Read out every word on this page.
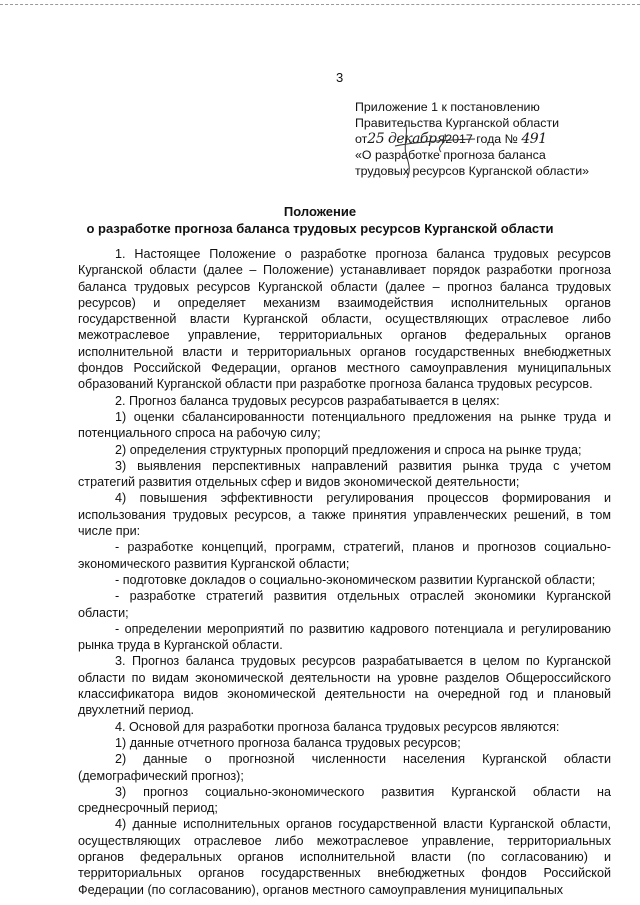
3
Приложение 1 к постановлению
Правительства Курганской области
от25 декабря2017 года № 491
«О разработке прогноза баланса
трудовых ресурсов Курганской области»
Положение
о разработке прогноза баланса трудовых ресурсов Курганской области

1. Настоящее Положение о разработке прогноза баланса трудовых ресурсов Курганской области (далее – Положение) устанавливает порядок разработки прогноза баланса трудовых ресурсов Курганской области (далее – прогноз баланса трудовых ресурсов) и определяет механизм взаимодействия исполнительных органов государственной власти Курганской области, осуществляющих отраслевое либо межотраслевое управление, территориальных органов федеральных органов исполнительной власти и территориальных органов государственных внебюджетных фондов Российской Федерации, органов местного самоуправления муниципальных образований Курганской области при разработке прогноза баланса трудовых ресурсов.

2. Прогноз баланса трудовых ресурсов разрабатывается в целях:

1) оценки сбалансированности потенциального предложения на рынке труда и потенциального спроса на рабочую силу;

2) определения структурных пропорций предложения и спроса на рынке труда;

3) выявления перспективных направлений развития рынка труда с учетом стратегий развития отдельных сфер и видов экономической деятельности;

4) повышения эффективности регулирования процессов формирования и использования трудовых ресурсов, а также принятия управленческих решений, в том числе при:

- разработке концепций, программ, стратегий, планов и прогнозов социально-экономического развития Курганской области;

- подготовке докладов о социально-экономическом развитии Курганской области;

- разработке стратегий развития отдельных отраслей экономики Курганской области;

- определении мероприятий по развитию кадрового потенциала и регулированию рынка труда в Курганской области.

3. Прогноз баланса трудовых ресурсов разрабатывается в целом по Курганской области по видам экономической деятельности на уровне разделов Общероссийского классификатора видов экономической деятельности на очередной год и плановый двухлетний период.

4. Основой для разработки прогноза баланса трудовых ресурсов являются:

1) данные отчетного прогноза баланса трудовых ресурсов;

2) данные о прогнозной численности населения Курганской области (демографический прогноз);

3) прогноз социально-экономического развития Курганской области на среднесрочный период;

4) данные исполнительных органов государственной власти Курганской области, осуществляющих отраслевое либо межотраслевое управление, территориальных органов федеральных органов исполнительной власти (по согласованию) и территориальных органов государственных внебюджетных фондов Российской Федерации (по согласованию), органов местного самоуправления муниципальных
